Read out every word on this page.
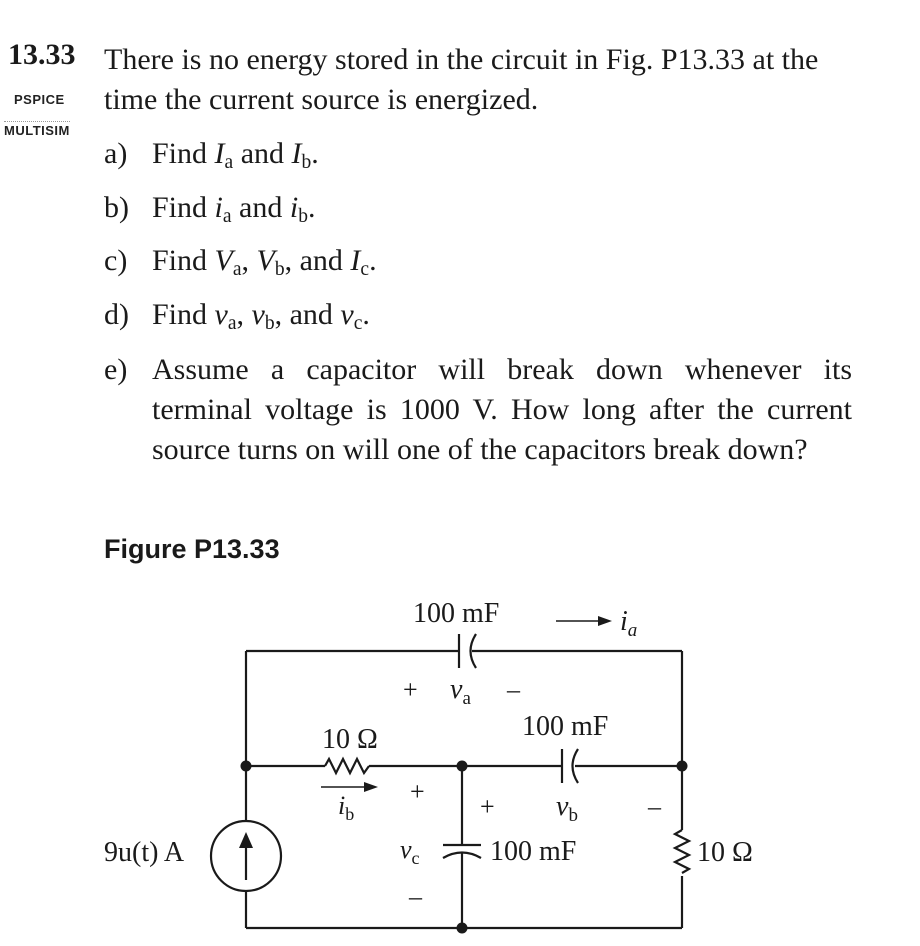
13.33
PSPICE
MULTISIM
There is no energy stored in the circuit in Fig. P13.33 at the time the current source is energized.
a) Find $I_a$ and $I_b$.
b) Find $i_a$ and $i_b$.
c) Find $V_a$, $V_b$, and $I_c$.
d) Find $v_a$, $v_b$, and $v_c$.
e) Assume a capacitor will break down whenever its terminal voltage is 1000 V. How long after the current source turns on will one of the capacitors break down?
Figure P13.33

100 mF	$i_a$
+ $v_a$ –
10 Ω
$i_b$
+
$v_c$
–
100 mF
+ $v_b$	–
100 mF	10 Ω
9u(t) A
